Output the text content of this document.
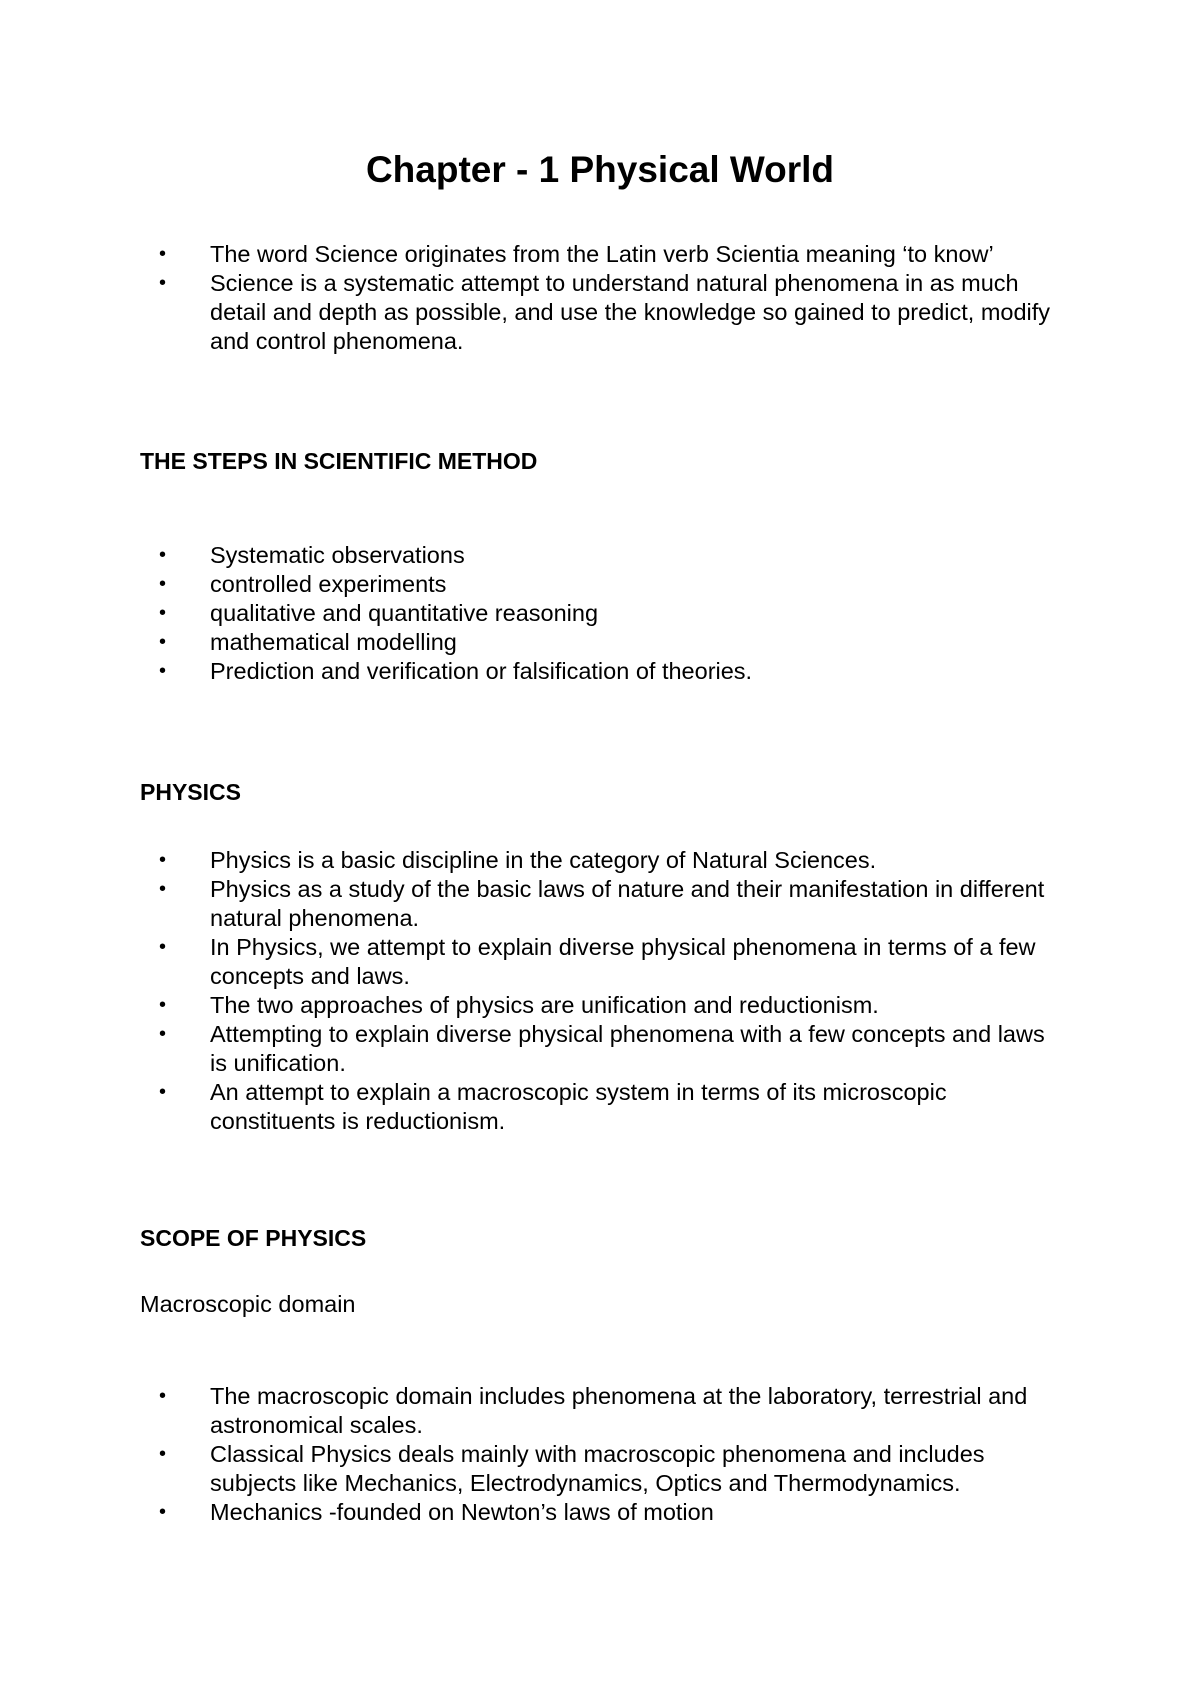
Chapter - 1 Physical World
• The word Science originates from the Latin verb Scientia meaning ‘to know’
• Science is a systematic attempt to understand natural phenomena in as much detail and depth as possible, and use the knowledge so gained to predict, modify and control phenomena.
THE STEPS IN SCIENTIFIC METHOD
• Systematic observations
• controlled experiments
• qualitative and quantitative reasoning
• mathematical modelling
• Prediction and verification or falsification of theories.
PHYSICS
• Physics is a basic discipline in the category of Natural Sciences.
• Physics as a study of the basic laws of nature and their manifestation in different natural phenomena.
• In Physics, we attempt to explain diverse physical phenomena in terms of a few concepts and laws.
• The two approaches of physics are unification and reductionism.
• Attempting to explain diverse physical phenomena with a few concepts and laws is unification.
• An attempt to explain a macroscopic system in terms of its microscopic constituents is reductionism.
SCOPE OF PHYSICS
Macroscopic domain
• The macroscopic domain includes phenomena at the laboratory, terrestrial and astronomical scales.
• Classical Physics deals mainly with macroscopic phenomena and includes subjects like Mechanics, Electrodynamics, Optics and Thermodynamics.
• Mechanics -founded on Newton’s laws of motion
